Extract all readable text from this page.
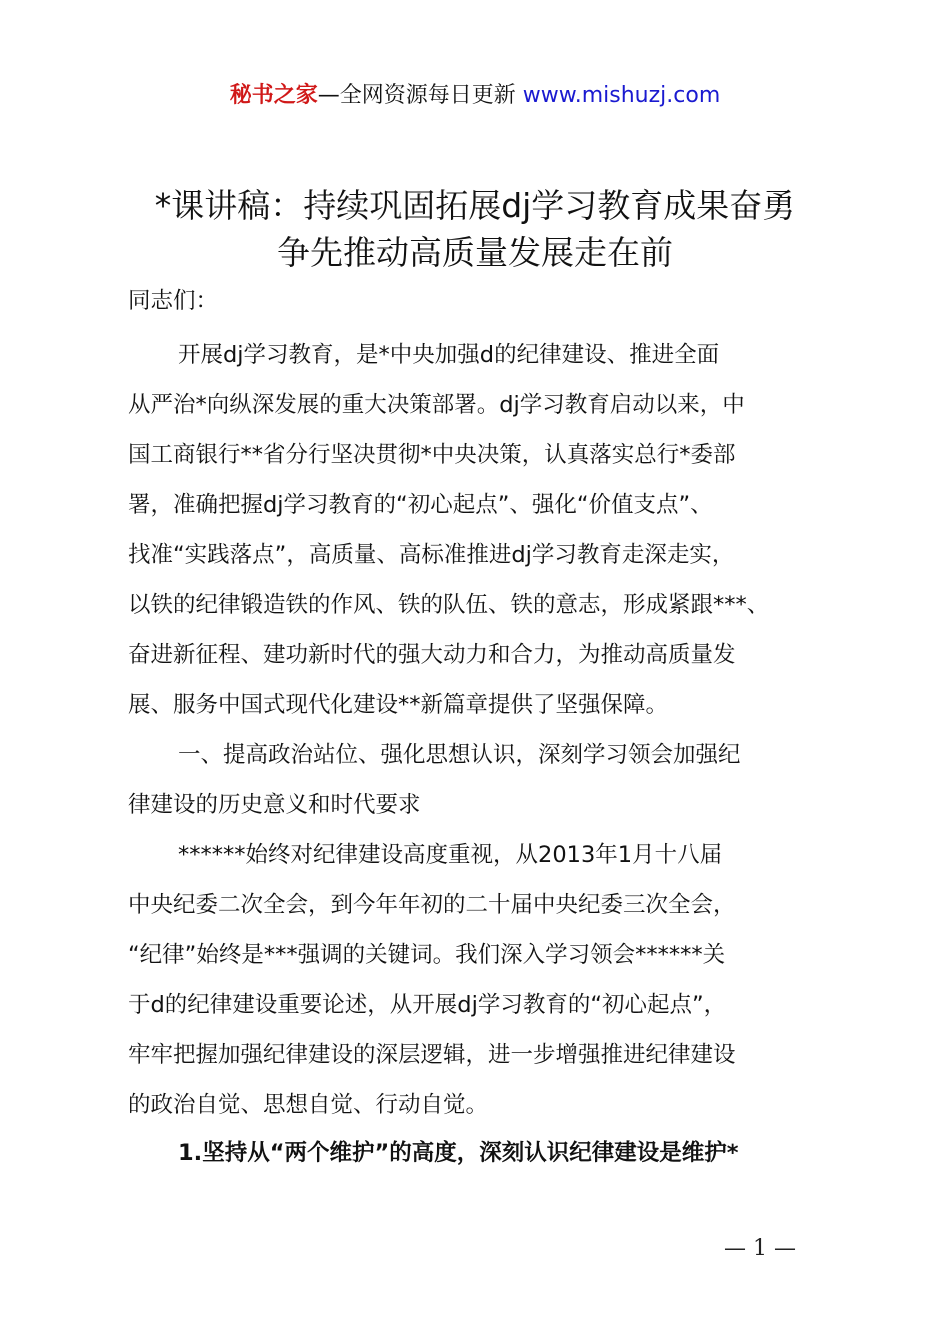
秘书之家—全网资源每日更新 www.mishuzj.com
*课讲稿：持续巩固拓展dj学习教育成果奋勇
争先推动高质量发展走在前
同志们：
开展dj学习教育，是*中央加强d的纪律建设、推进全面
从严治*向纵深发展的重大决策部署。dj学习教育启动以来，中
国工商银行**省分行坚决贯彻*中央决策，认真落实总行*委部
署，准确把握dj学习教育的“初心起点”、强化“价值支点”、
找准“实践落点”，高质量、高标准推进dj学习教育走深走实，
以铁的纪律锻造铁的作风、铁的队伍、铁的意志，形成紧跟***、
奋进新征程、建功新时代的强大动力和合力，为推动高质量发
展、服务中国式现代化建设**新篇章提供了坚强保障。
一、提高政治站位、强化思想认识，深刻学习领会加强纪
律建设的历史意义和时代要求
******始终对纪律建设高度重视，从2013年1月十八届
中央纪委二次全会，到今年年初的二十届中央纪委三次全会，
“纪律”始终是***强调的关键词。我们深入学习领会******关
于d的纪律建设重要论述，从开展dj学习教育的“初心起点”，
牢牢把握加强纪律建设的深层逻辑，进一步增强推进纪律建设
的政治自觉、思想自觉、行动自觉。
1.坚持从“两个维护”的高度，深刻认识纪律建设是维护*
— 1 —
